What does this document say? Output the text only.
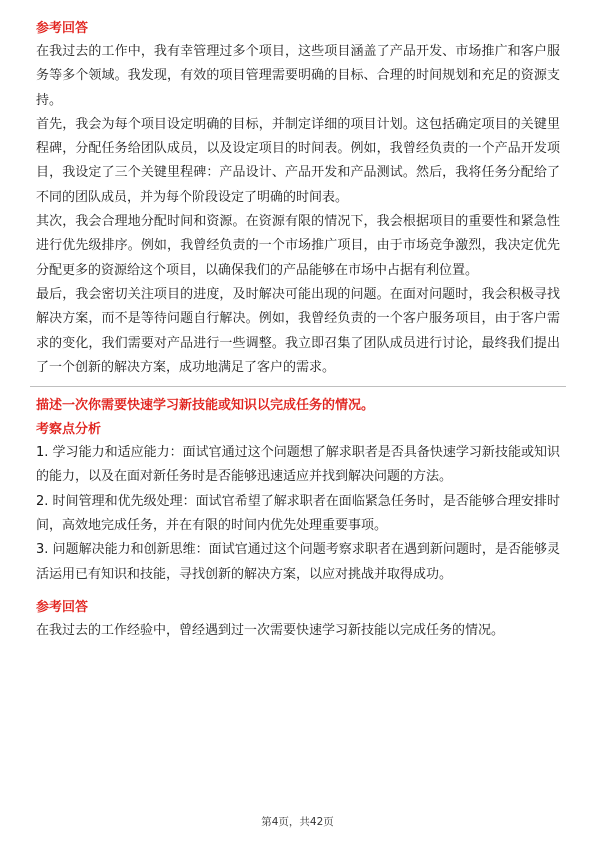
参考回答

在我过去的工作中，我有幸管理过多个项目，这些项目涵盖了产品开发、市场推广和客户服务等多个领域。我发现，有效的项目管理需要明确的目标、合理的时间规划和充足的资源支持。

首先，我会为每个项目设定明确的目标，并制定详细的项目计划。这包括确定项目的关键里程碑，分配任务给团队成员，以及设定项目的时间表。例如，我曾经负责的一个产品开发项目，我设定了三个关键里程碑：产品设计、产品开发和产品测试。然后，我将任务分配给了不同的团队成员，并为每个阶段设定了明确的时间表。

其次，我会合理地分配时间和资源。在资源有限的情况下，我会根据项目的重要性和紧急性进行优先级排序。例如，我曾经负责的一个市场推广项目，由于市场竞争激烈，我决定优先分配更多的资源给这个项目，以确保我们的产品能够在市场中占据有利位置。

最后，我会密切关注项目的进度，及时解决可能出现的问题。在面对问题时，我会积极寻找解决方案，而不是等待问题自行解决。例如，我曾经负责的一个客户服务项目，由于客户需求的变化，我们需要对产品进行一些调整。我立即召集了团队成员进行讨论，最终我们提出了一个创新的解决方案，成功地满足了客户的需求。

描述一次你需要快速学习新技能或知识以完成任务的情况。

考察点分析

1. 学习能力和适应能力：面试官通过这个问题想了解求职者是否具备快速学习新技能或知识的能力，以及在面对新任务时是否能够迅速适应并找到解决问题的方法。

2. 时间管理和优先级处理：面试官希望了解求职者在面临紧急任务时，是否能够合理安排时间，高效地完成任务，并在有限的时间内优先处理重要事项。

3. 问题解决能力和创新思维：面试官通过这个问题考察求职者在遇到新问题时，是否能够灵活运用已有知识和技能，寻找创新的解决方案，以应对挑战并取得成功。

参考回答

在我过去的工作经验中，曾经遇到过一次需要快速学习新技能以完成任务的情况。

第4页，共42页
